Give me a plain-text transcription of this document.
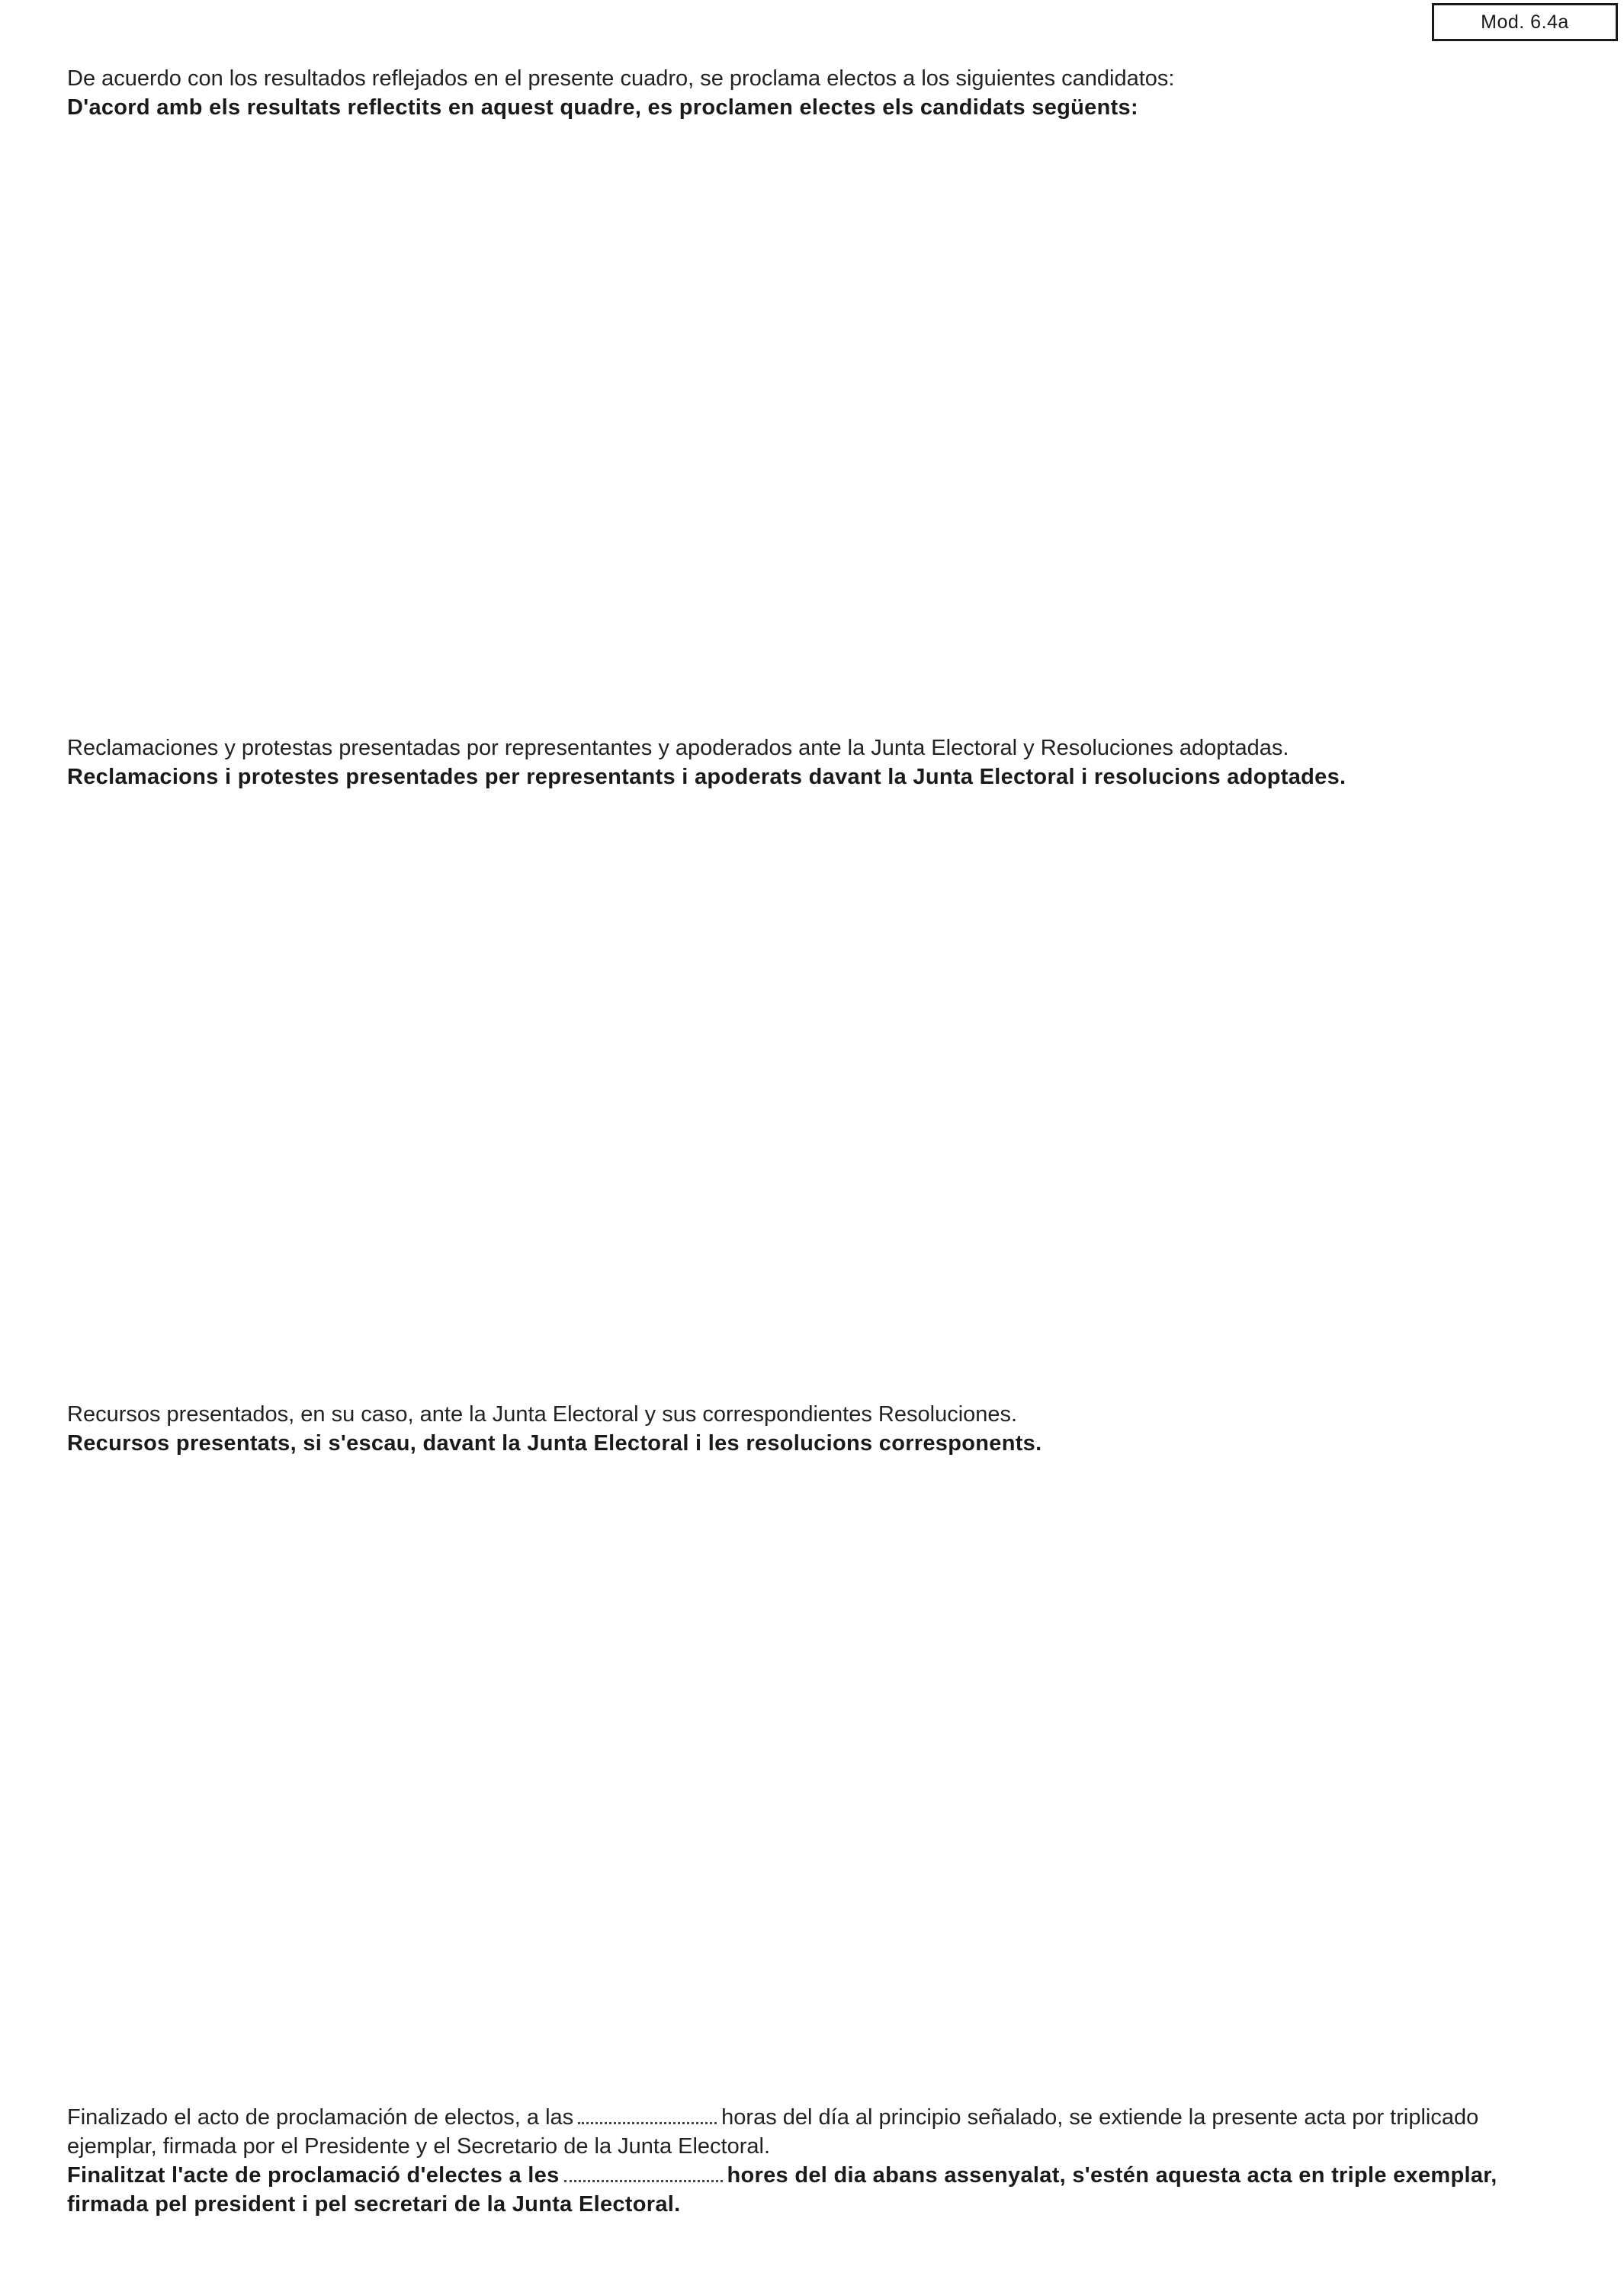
Mod. 6.4a
De acuerdo con los resultados reflejados en el presente cuadro, se proclama electos a los siguientes candidatos:
D'acord amb els resultats reflectits en aquest quadre, es proclamen electes els candidats següents:
Reclamaciones y protestas presentadas por representantes y apoderados ante la Junta Electoral y Resoluciones adoptadas.
Reclamacions i protestes presentades per representants i apoderats davant la Junta Electoral i resolucions adoptades.
Recursos presentados, en su caso, ante la Junta Electoral y sus correspondientes Resoluciones.
Recursos presentats, si s'escau, davant la Junta Electoral i les resolucions corresponents.
Finalizado el acto de proclamación de electos, a las	horas del día al principio señalado, se extiende la presente acta por triplicado
ejemplar, firmada por el Presidente y el Secretario de la Junta Electoral.
Finalitzat l'acte de proclamació d'electes a les	hores del dia abans assenyalat, s'estén aquesta acta en triple exemplar,
firmada pel president i pel secretari de la Junta Electoral.
